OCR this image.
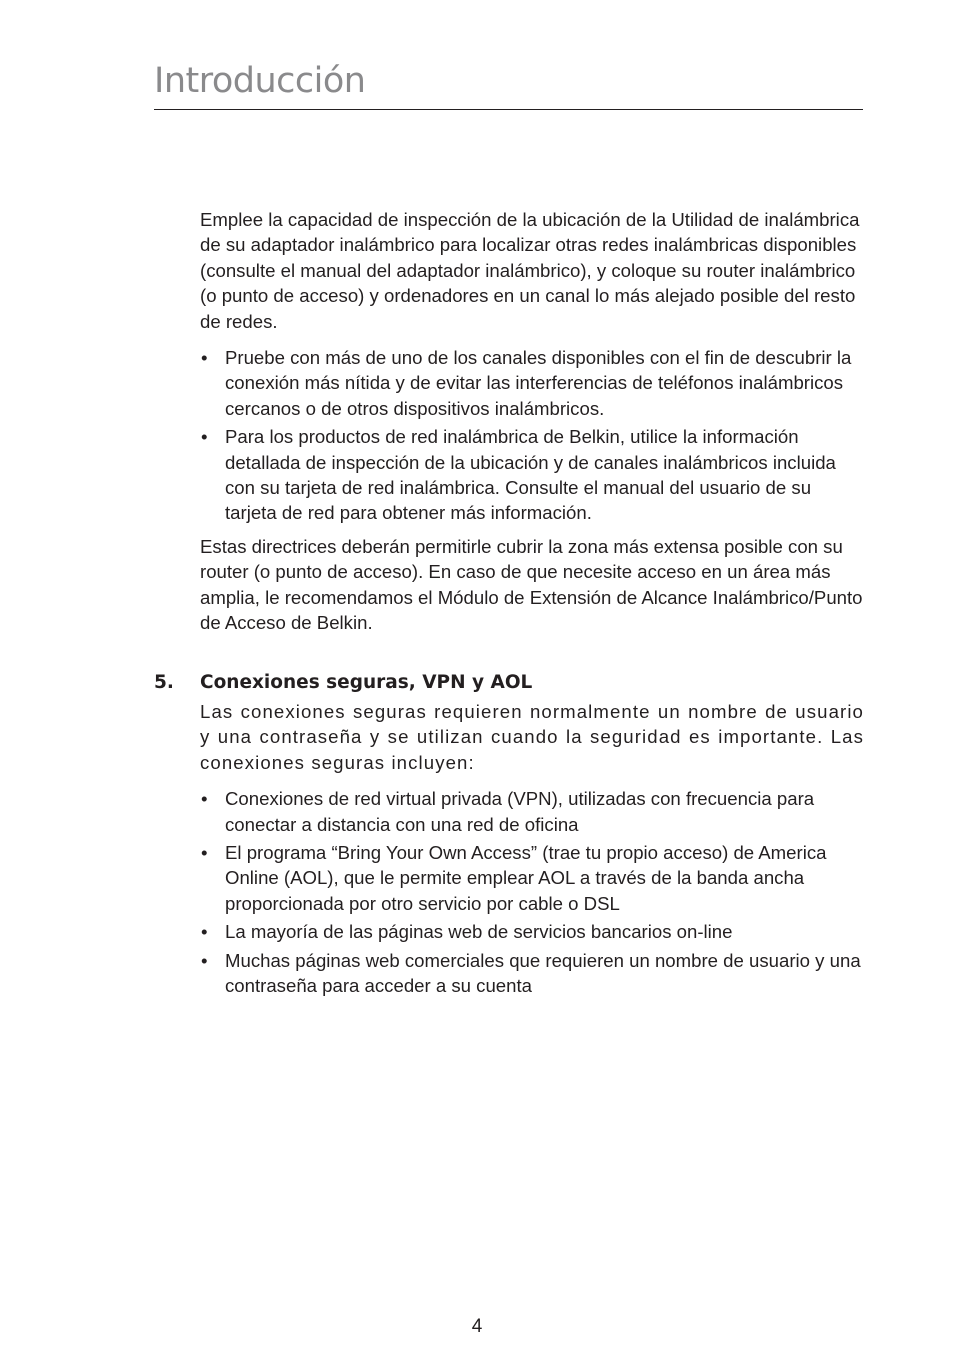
Introducción

Emplee la capacidad de inspección de la ubicación de la Utilidad de inalámbrica de su adaptador inalámbrico para localizar otras redes inalámbricas disponibles (consulte el manual del adaptador inalámbrico), y coloque su router inalámbrico (o punto de acceso) y ordenadores en un canal lo más alejado posible del resto de redes.

• Pruebe con más de uno de los canales disponibles con el fin de descubrir la conexión más nítida y de evitar las interferencias de teléfonos inalámbricos cercanos o de otros dispositivos inalámbricos.
• Para los productos de red inalámbrica de Belkin, utilice la información detallada de inspección de la ubicación y de canales inalámbricos incluida con su tarjeta de red inalámbrica. Consulte el manual del usuario de su tarjeta de red para obtener más información.

Estas directrices deberán permitirle cubrir la zona más extensa posible con su router (o punto de acceso). En caso de que necesite acceso en un área más amplia, le recomendamos el Módulo de Extensión de Alcance Inalámbrico/Punto de Acceso de Belkin.

5.	Conexiones seguras, VPN y AOL

Las conexiones seguras requieren normalmente un nombre de usuario y una contraseña y se utilizan cuando la seguridad es importante. Las conexiones seguras incluyen:

• Conexiones de red virtual privada (VPN), utilizadas con frecuencia para conectar a distancia con una red de oficina
• El programa “Bring Your Own Access” (trae tu propio acceso) de America Online (AOL), que le permite emplear AOL a través de la banda ancha proporcionada por otro servicio por cable o DSL
• La mayoría de las páginas web de servicios bancarios on-line
• Muchas páginas web comerciales que requieren un nombre de usuario y una contraseña para acceder a su cuenta
4
